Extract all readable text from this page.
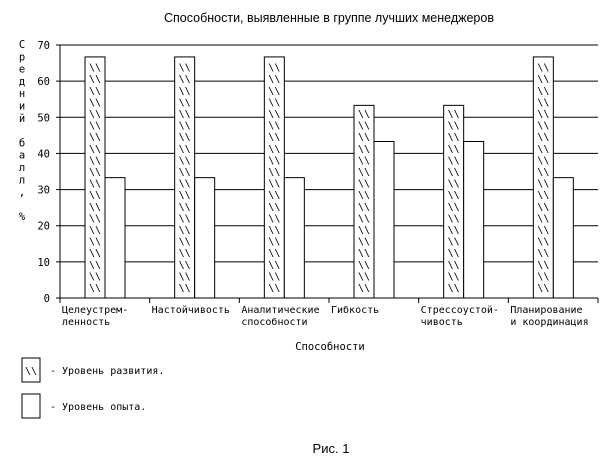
Способности, выявленные в группе лучших менеджеров
С
р
е
д
н
и
й
б
а
л
л
,
%
\\
\\
\\
\\
\\
\\
\\
\\
\\
\\
\\
\\
\\
\\
\\
\\
\\
\\
\\
\\
\\
\\
\\
\\
\\
\\
\\
\\
\\
\\
\\
\\
\\
\\
\\
\\
\\
\\
\\
\\
\\
\\
\\
\\
\\
\\
\\
\\
\\
\\
\\
\\
\\
\\
\\
\\
\\
\\
\\
\\
\\
\\
\\
\\
\\
\\
\\
\\
\\
\\
\\
\\
\\
\\
\\
\\
\\
\\
\\
\\
\\
\\
\\
\\
\\
\\
\\
\\
\\
\\
\\
\\
\\
\\
\\
\\
\\
\\
\\
\\
\\
\\
\\
\\
\\
\\
\\
\\
\\
\\
\\
\\
0
10
20
30
40
50
60
70
Целеустрем-
ленность
Настойчивость Аналитические
способности
Гибкость	Стрессоустой-
чивость
Планирование
и координация
Способности
\\ - Уровень развития.
- Уровень опыта.
Рис. 1
